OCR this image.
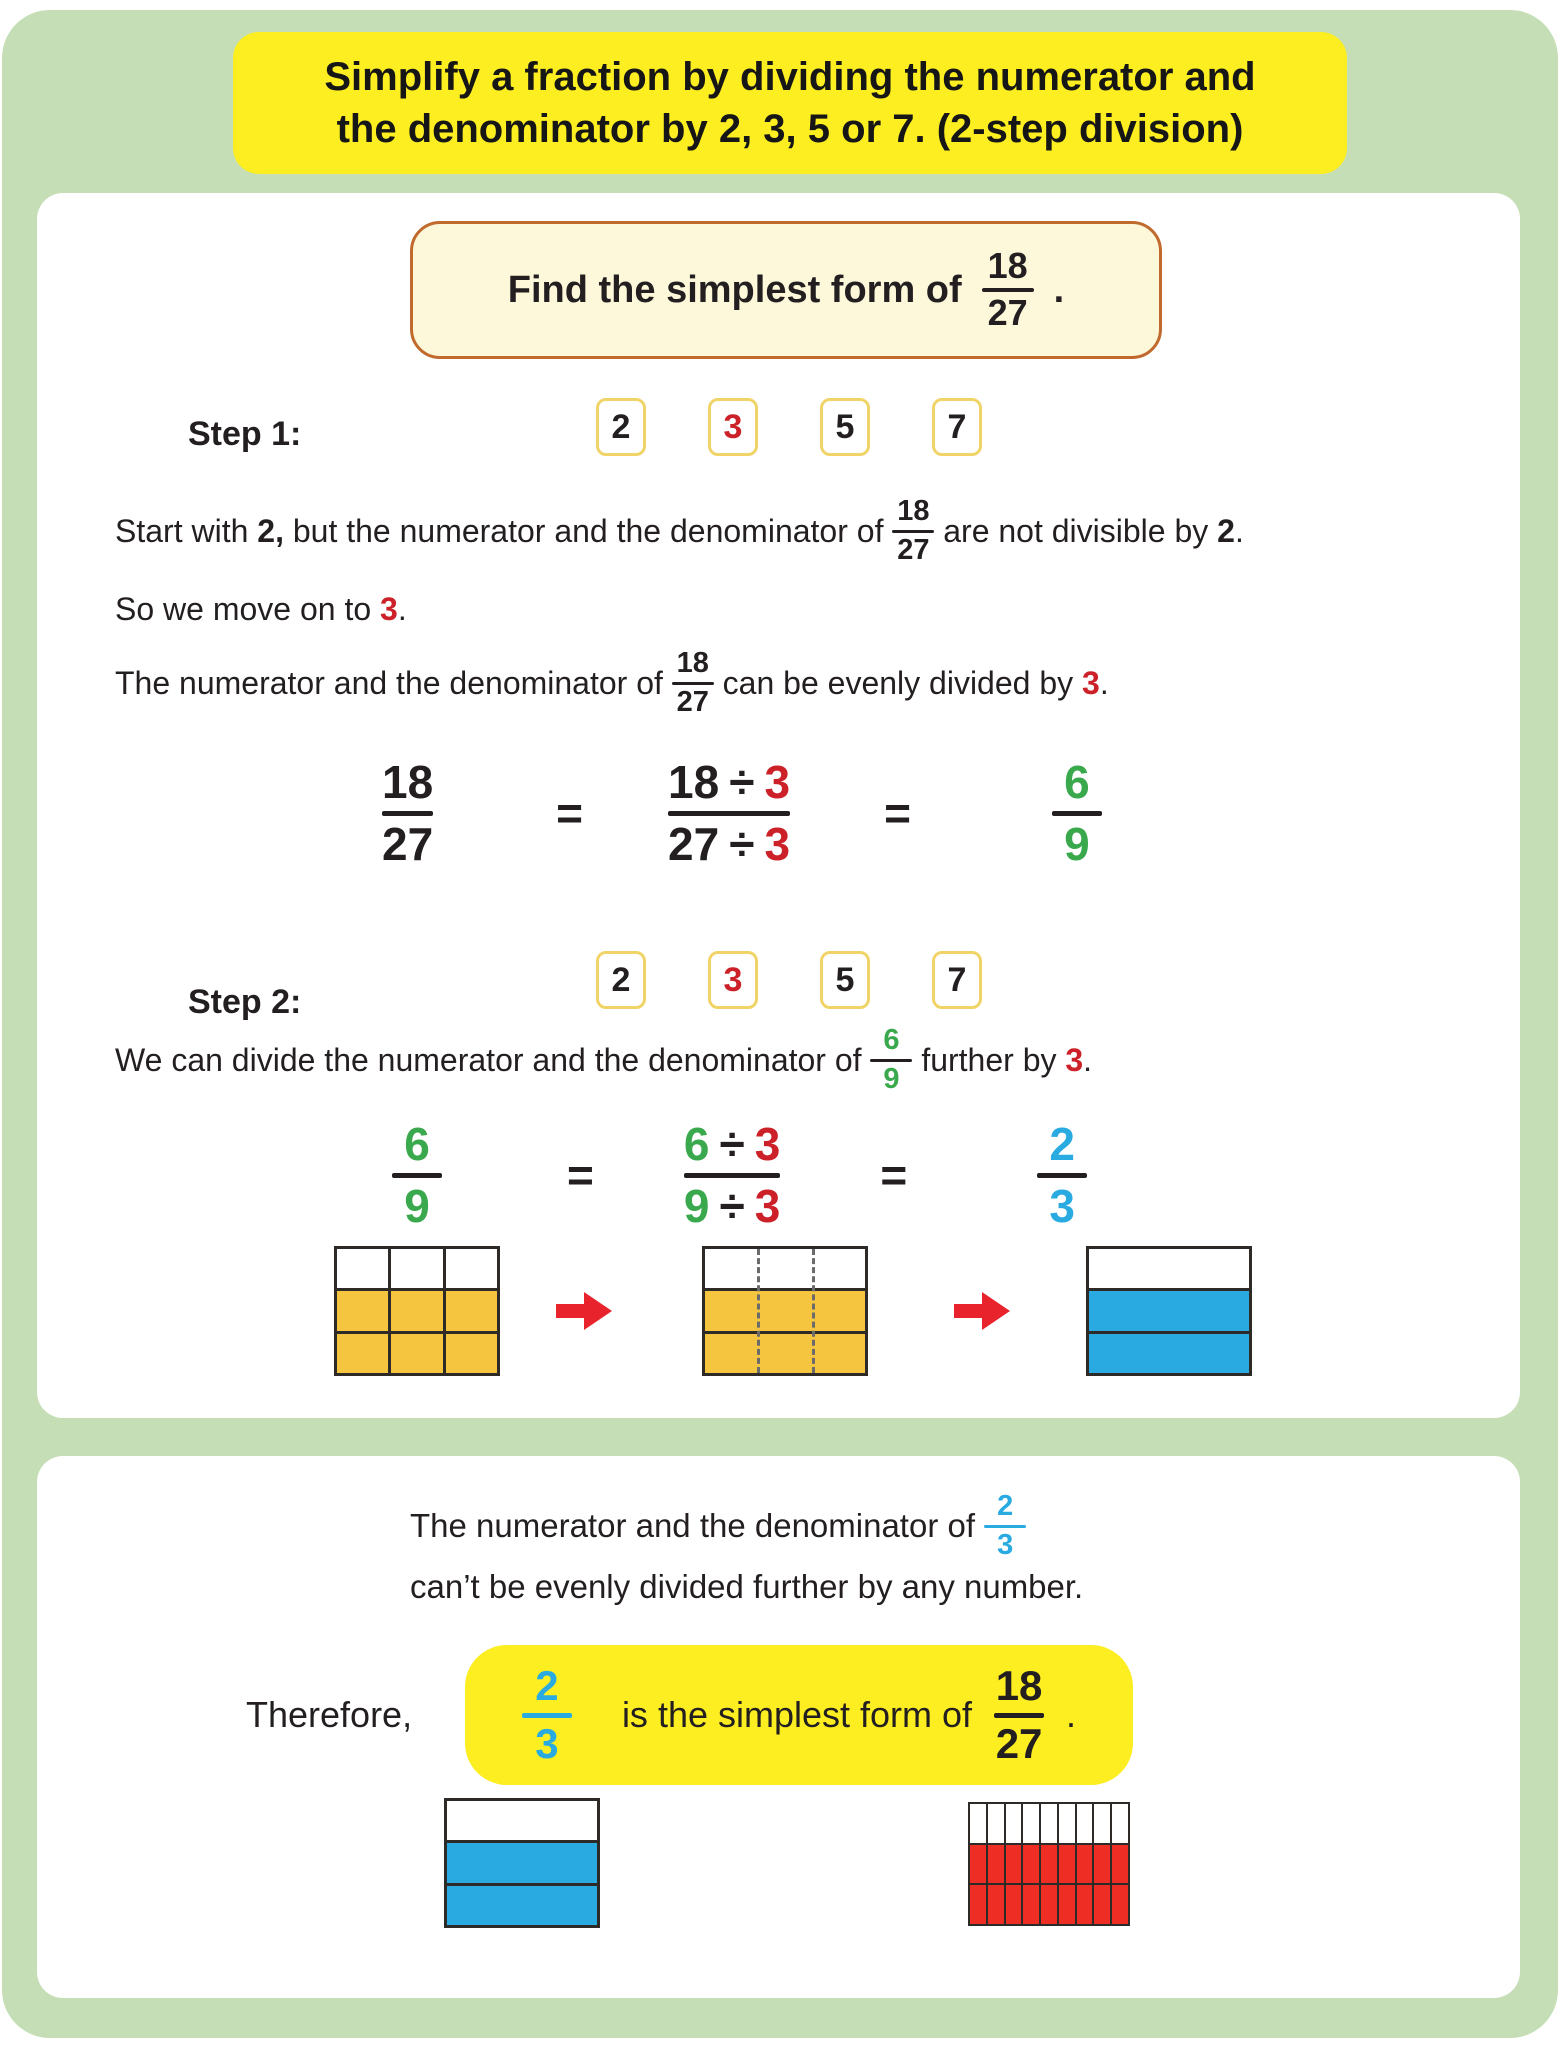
Simplify a fraction by dividing the numerator and
the denominator by 2, 3, 5 or 7. (2-step division)
Find the simplest form of $\frac{18}{27}$ .
Step 1:	2	3	5	7
Start with 2, but the numerator and the denominator of $\frac{18}{27}$ are not divisible by 2 .
So we move on to 3 .
The numerator and the denominator of $\frac{18}{27}$ can be evenly divided by 3 .
18
27
=
18 ÷ 3
27 ÷ 3
=
6
9
Step 2:
2	3	5	7
We can divide the numerator and the denominator of $\frac{6}{9}$ further by 3 .
6
9
=
6 ÷ 3
9 ÷ 3
=
2
3
The numerator and the denominator of $\frac{2}{3}$
can’t be evenly divided further by any number.
Therefore,
2
3
is the simplest form of
18
27
.
